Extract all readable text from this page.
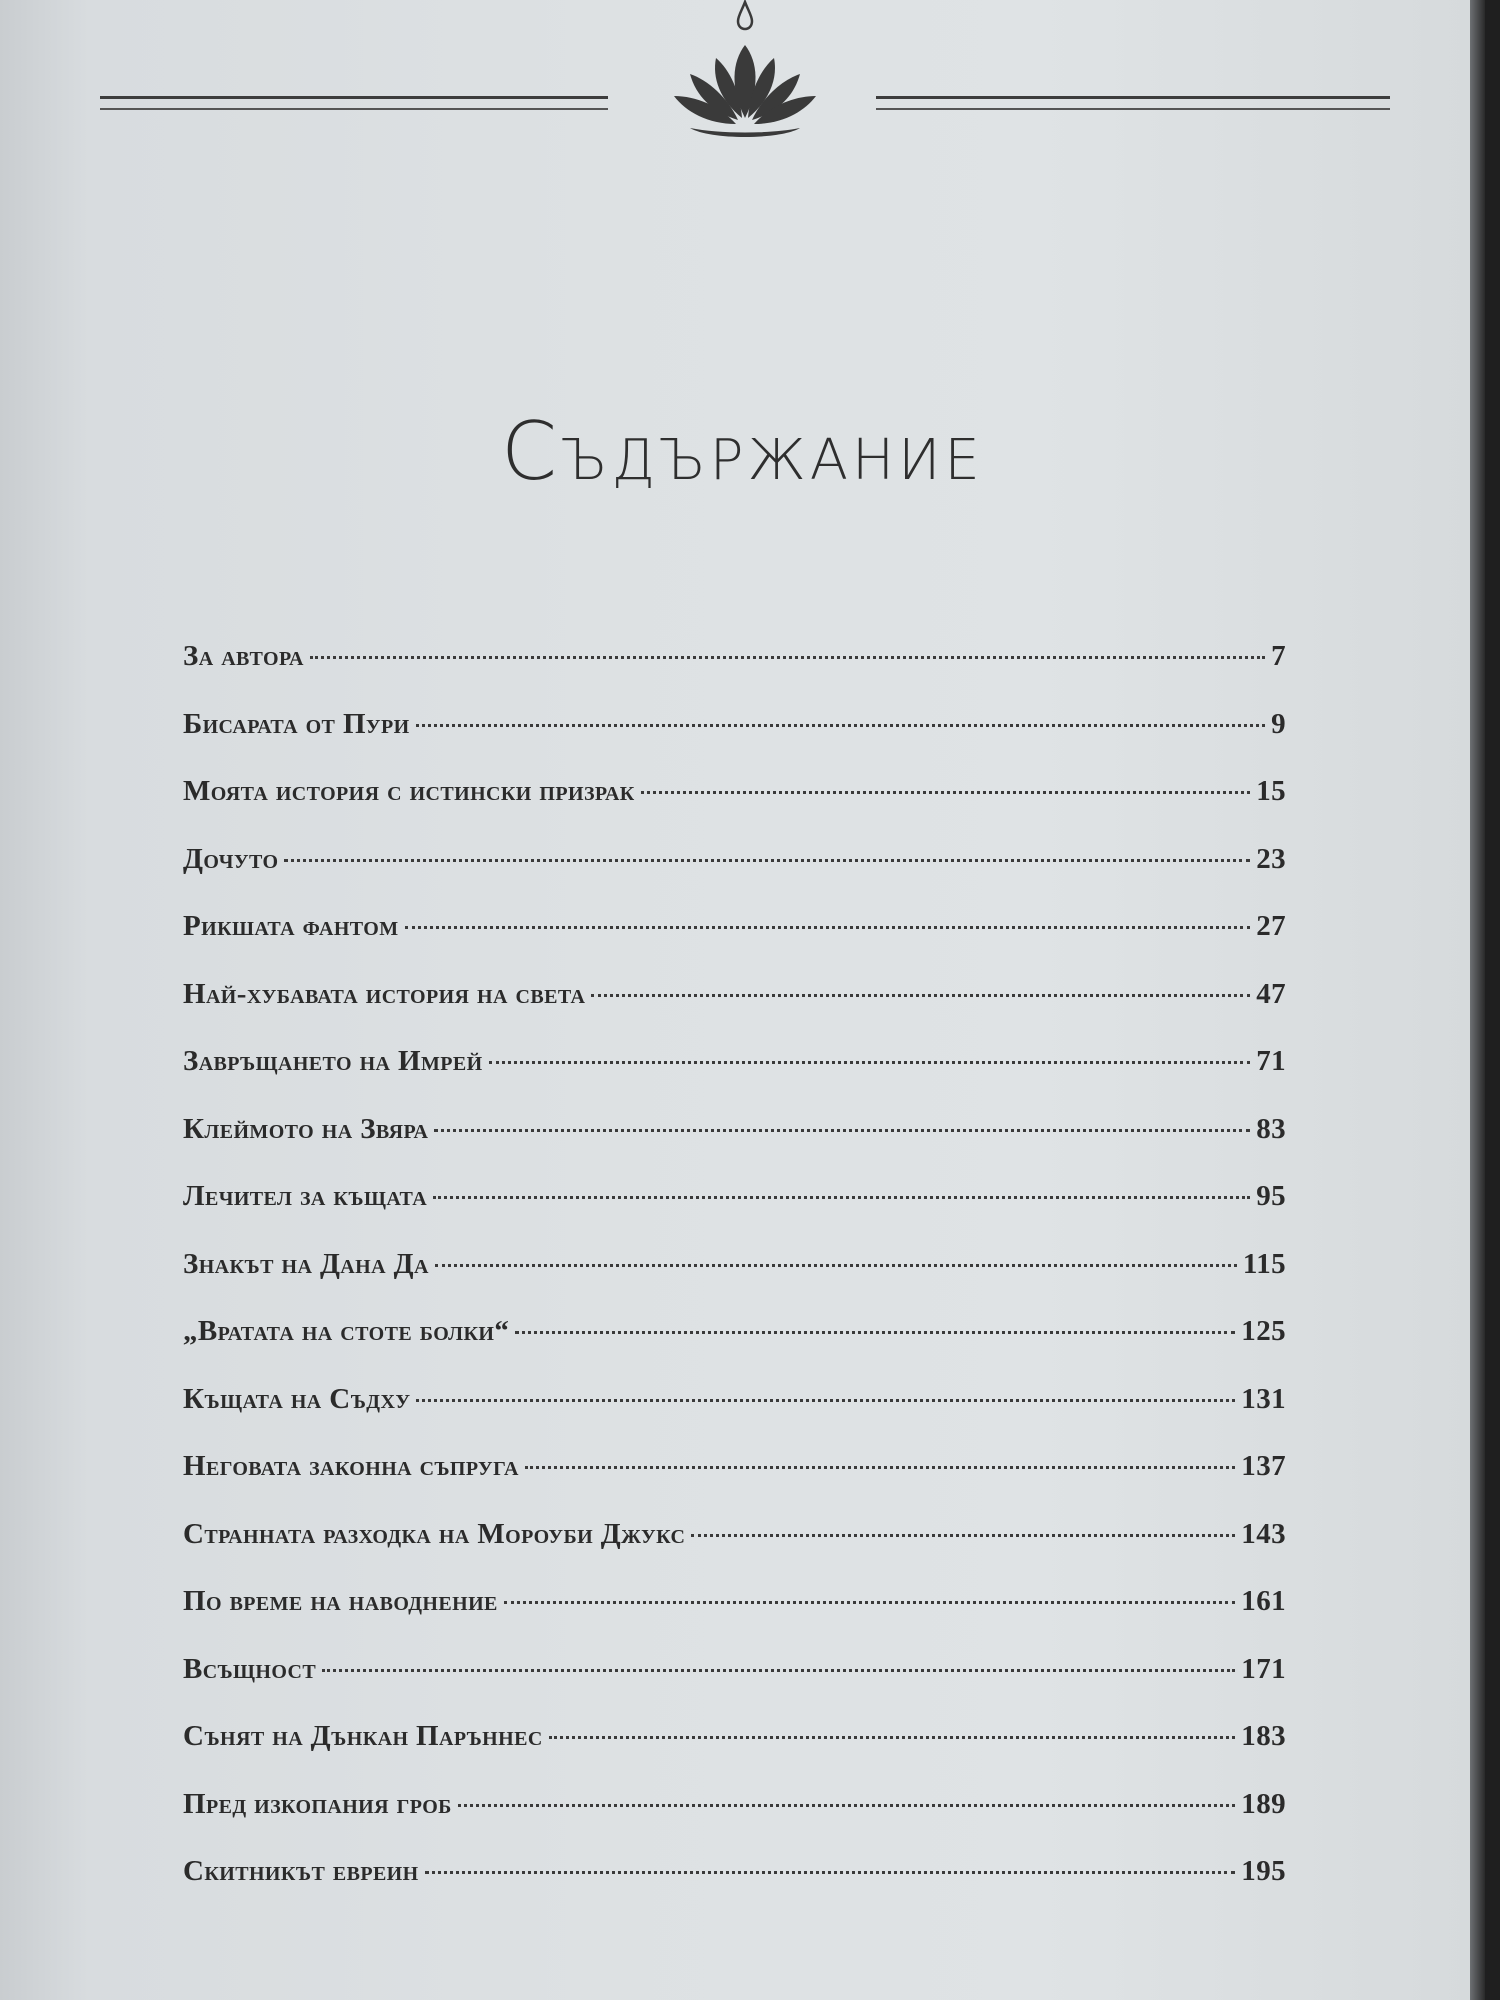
Съдържание
За автора	7
Бисарата от Пури	9
Моята история с истински призрак	15
Дочуто	23
Рикшата фантом	27
Най-хубавата история на света	47
Завръщането на Имрей	71
Клеймото на Звяра	83
Лечител за къщата	95
Знакът на Дана Да	115
„Вратата на стоте болки“	125
Къщата на Съдху	131
Неговата законна съпруга	137
Странната разходка на Мороуби Джукс	143
По време на наводнение	161
Всъщност	171
Сънят на Дънкан Паръннес	183
Пред изкопания гроб	189
Скитникът евреин	195
